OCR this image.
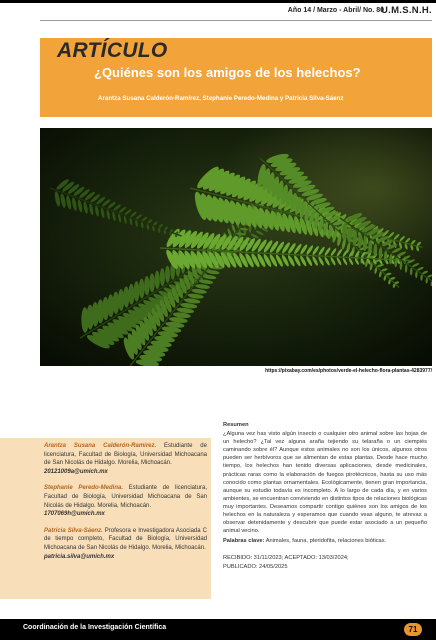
Año 14 / Marzo - Abril/ No. 80
U.M.S.N.H.
ARTÍCULO
¿Quiénes son los amigos de los helechos?
Arantza Susana Calderón-Ramírez, Stephanie Peredo-Medina y Patricia Silva-Sáenz
https://pixabay.com/es/photos/verde-el-helecho-flora-plantas-4283977/
Resumen
¿Alguna vez has visto algún insecto o cualquier otro animal sobre las hojas de un helecho? ¿Tal vez alguna araña tejiendo su telaraña o un ciempiés caminando sobre él? Aunque estos animales no son los únicos, algunos otros pueden ser herbívoros que se alimentan de estas plantas. Desde hace mucho tiempo, los helechos han tenido diversas aplicaciones, desde medicinales, prácticas raras como la elaboración de fuegos pirotécnicos, hasta su uso más conocido como plantas ornamentales. Ecológicamente, tienen gran importancia, aunque su estudio todavía es incompleto. A lo largo de cada día, y en varios ambientes, se encuentran conviviendo en distintos tipos de relaciones biológicas muy importantes. Deseamos compartir contigo quiénes son los amigos de los helechos en la naturaleza y esperamos que cuando veas alguno, te atrevas a observar detenidamente y descubrir que puede estar asociado a un pequeño animal vecino.
Palabras clave: Animales, fauna, pteridofita, relaciones bióticas.
RECIBIDO: 31/11/2023; ACEPTADO: 13/03/2024;
PUBLICADO: 24/05/2025
Arantza Susana Calderón-Ramírez. Estudiante de licenciatura, Facultad de Biología, Universidad Michoacana de San Nicolás de Hidalgo. Morelia, Michoacán.
20121009a@umich.mx
Stephanie Peredo-Medina. Estudiante de licenciatura, Facultad de Biología, Universidad Michoacana de San Nicolás de Hidalgo. Morelia, Michoacán.
1707069h@umich.mx
Patricia Silva-Sáenz. Profesora e Investigadora Asociada C de tiempo completo, Facultad de Biología, Universidad Michoacana de San Nicolás de Hidalgo. Morelia, Michoacán.
patricia.silva@umich.mx
Coordinación de la Investigación Científica	71
